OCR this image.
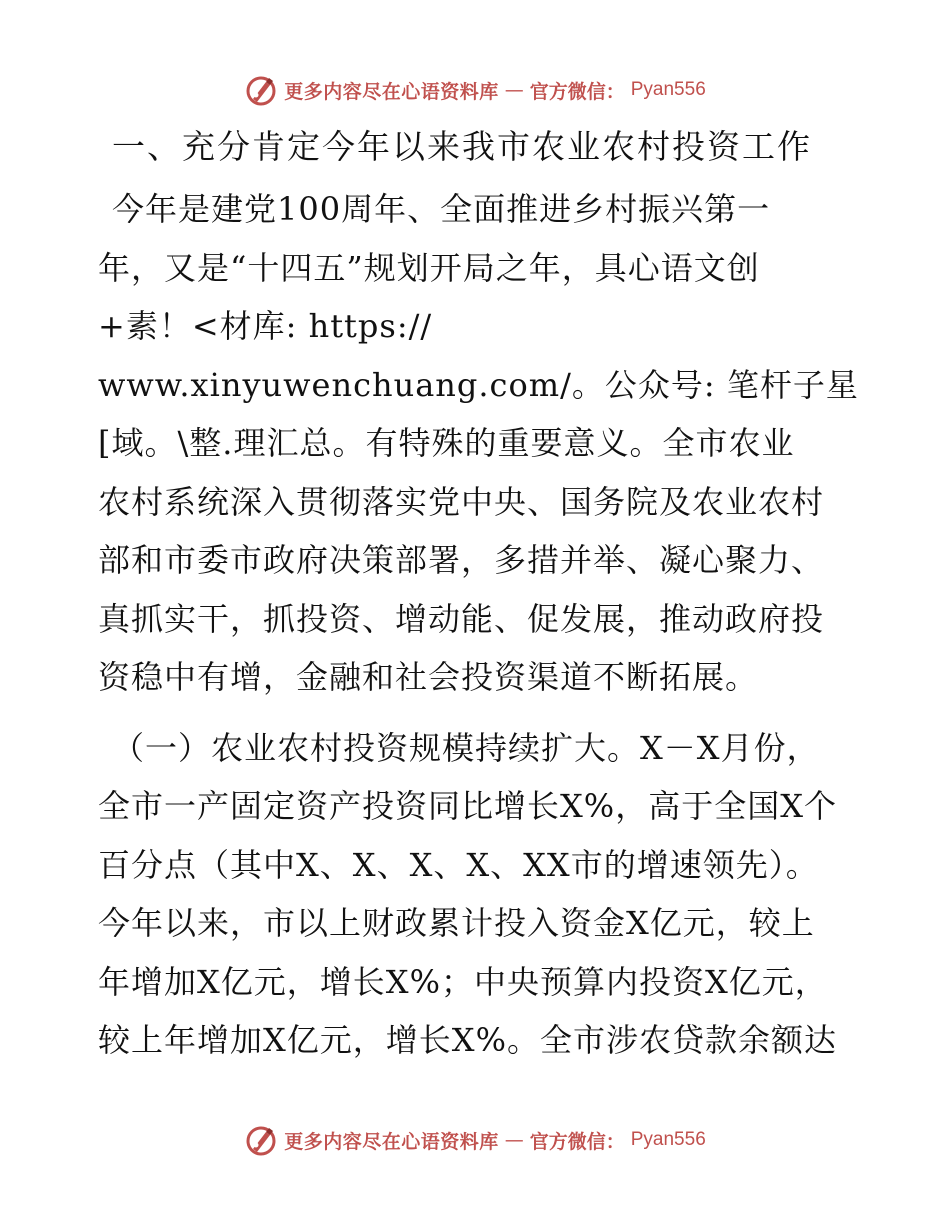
更多内容尽在心语资料库 — 官方微信： Pyan556
一、充分肯定今年以来我市农业农村投资工作
今年是建党100周年、全面推进乡村振兴第一
年，又是“十四五”规划开局之年，具心语文创
+素！<材库: https://
www.xinyuwenchuang.com/。公众号: 笔杆子星
[域。\整.理汇总。有特殊的重要意义。全市农业
农村系统深入贯彻落实党中央、国务院及农业农村
部和市委市政府决策部署，多措并举、凝心聚力、
真抓实干，抓投资、增动能、促发展，推动政府投
资稳中有增，金融和社会投资渠道不断拓展。
（一）农业农村投资规模持续扩大。X－X月份，
全市一产固定资产投资同比增长X%，高于全国X个
百分点（其中X、X、X、X、XX市的增速领先）。
今年以来，市以上财政累计投入资金X亿元，较上
年增加X亿元，增长X%；中央预算内投资X亿元，
较上年增加X亿元，增长X%。全市涉农贷款余额达
更多内容尽在心语资料库 — 官方微信： Pyan556
